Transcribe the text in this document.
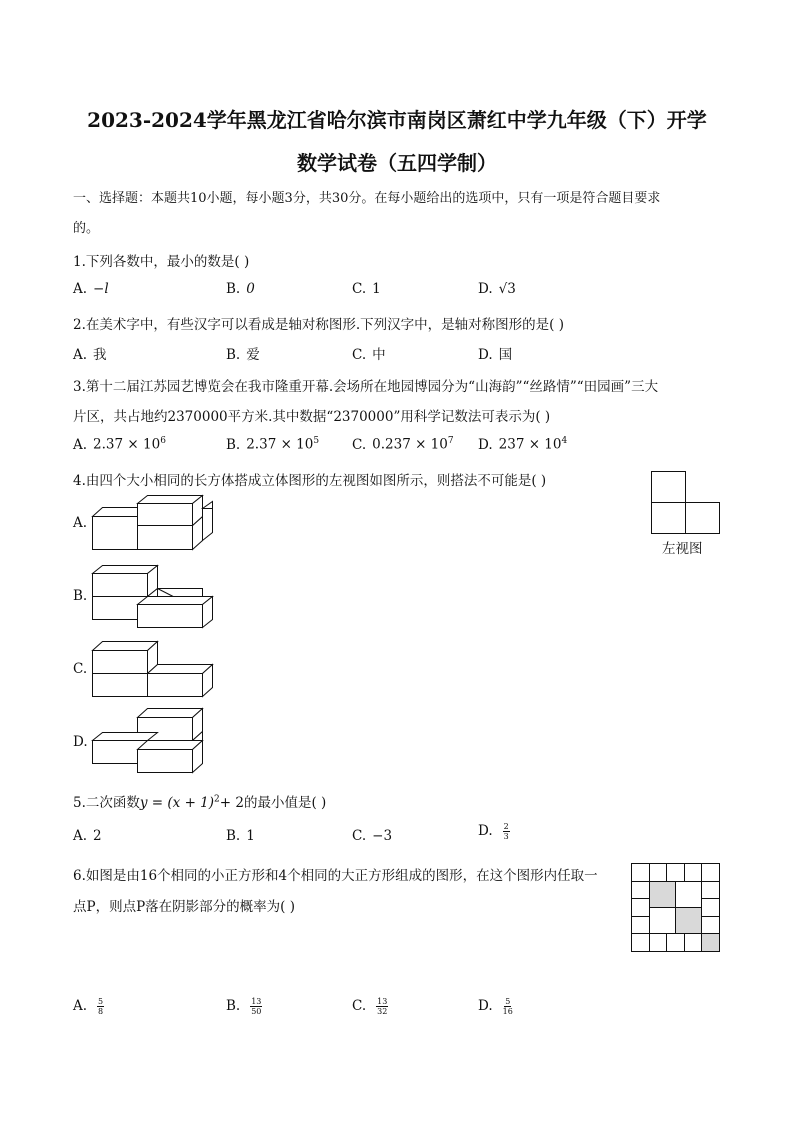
2023-2024学年黑龙江省哈尔滨市南岗区萧红中学九年级（下）开学
数学试卷（五四学制）
一、选择题：本题共10小题，每小题3分，共30分。在每小题给出的选项中，只有一项是符合题目要求
的。
1.下列各数中，最小的数是( )
A. −l	B. 0	C. 1	D. √3
2.在美术字中，有些汉字可以看成是轴对称图形.下列汉字中，是轴对称图形的是( )
A. 我	B. 爱	C. 中	D. 国
3.第十二届江苏园艺博览会在我市隆重开幕.会场所在地园博园分为“山海韵”“丝路情”“田园画”三大
片区，共占地约2370000平方米.其中数据“2370000”用科学记数法可表示为( )
A. $2.37 \times 10^6$	B. $2.37 \times 10^5$ C. $0.237 \times 10^7$ D. $237 \times 10^4$
4.由四个大小相同的长方体搭成立体图形的左视图如图所示，则搭法不可能是( )
左视图
A.
B.
C.
D.
5.二次函数$y = (x + 1)^2+ 2$的最小值是( )
A. 2	B. 1	C. −3	D. $\frac{2}{3}$
6.如图是由16个相同的小正方形和4个相同的大正方形组成的图形，在这个图形内任取一
点P，则点P落在阴影部分的概率为( )
A. $\frac{5}{8}$	B. $\frac{13}{50}$	C. $\frac{13}{32}$	D. $\frac{5}{16}$
